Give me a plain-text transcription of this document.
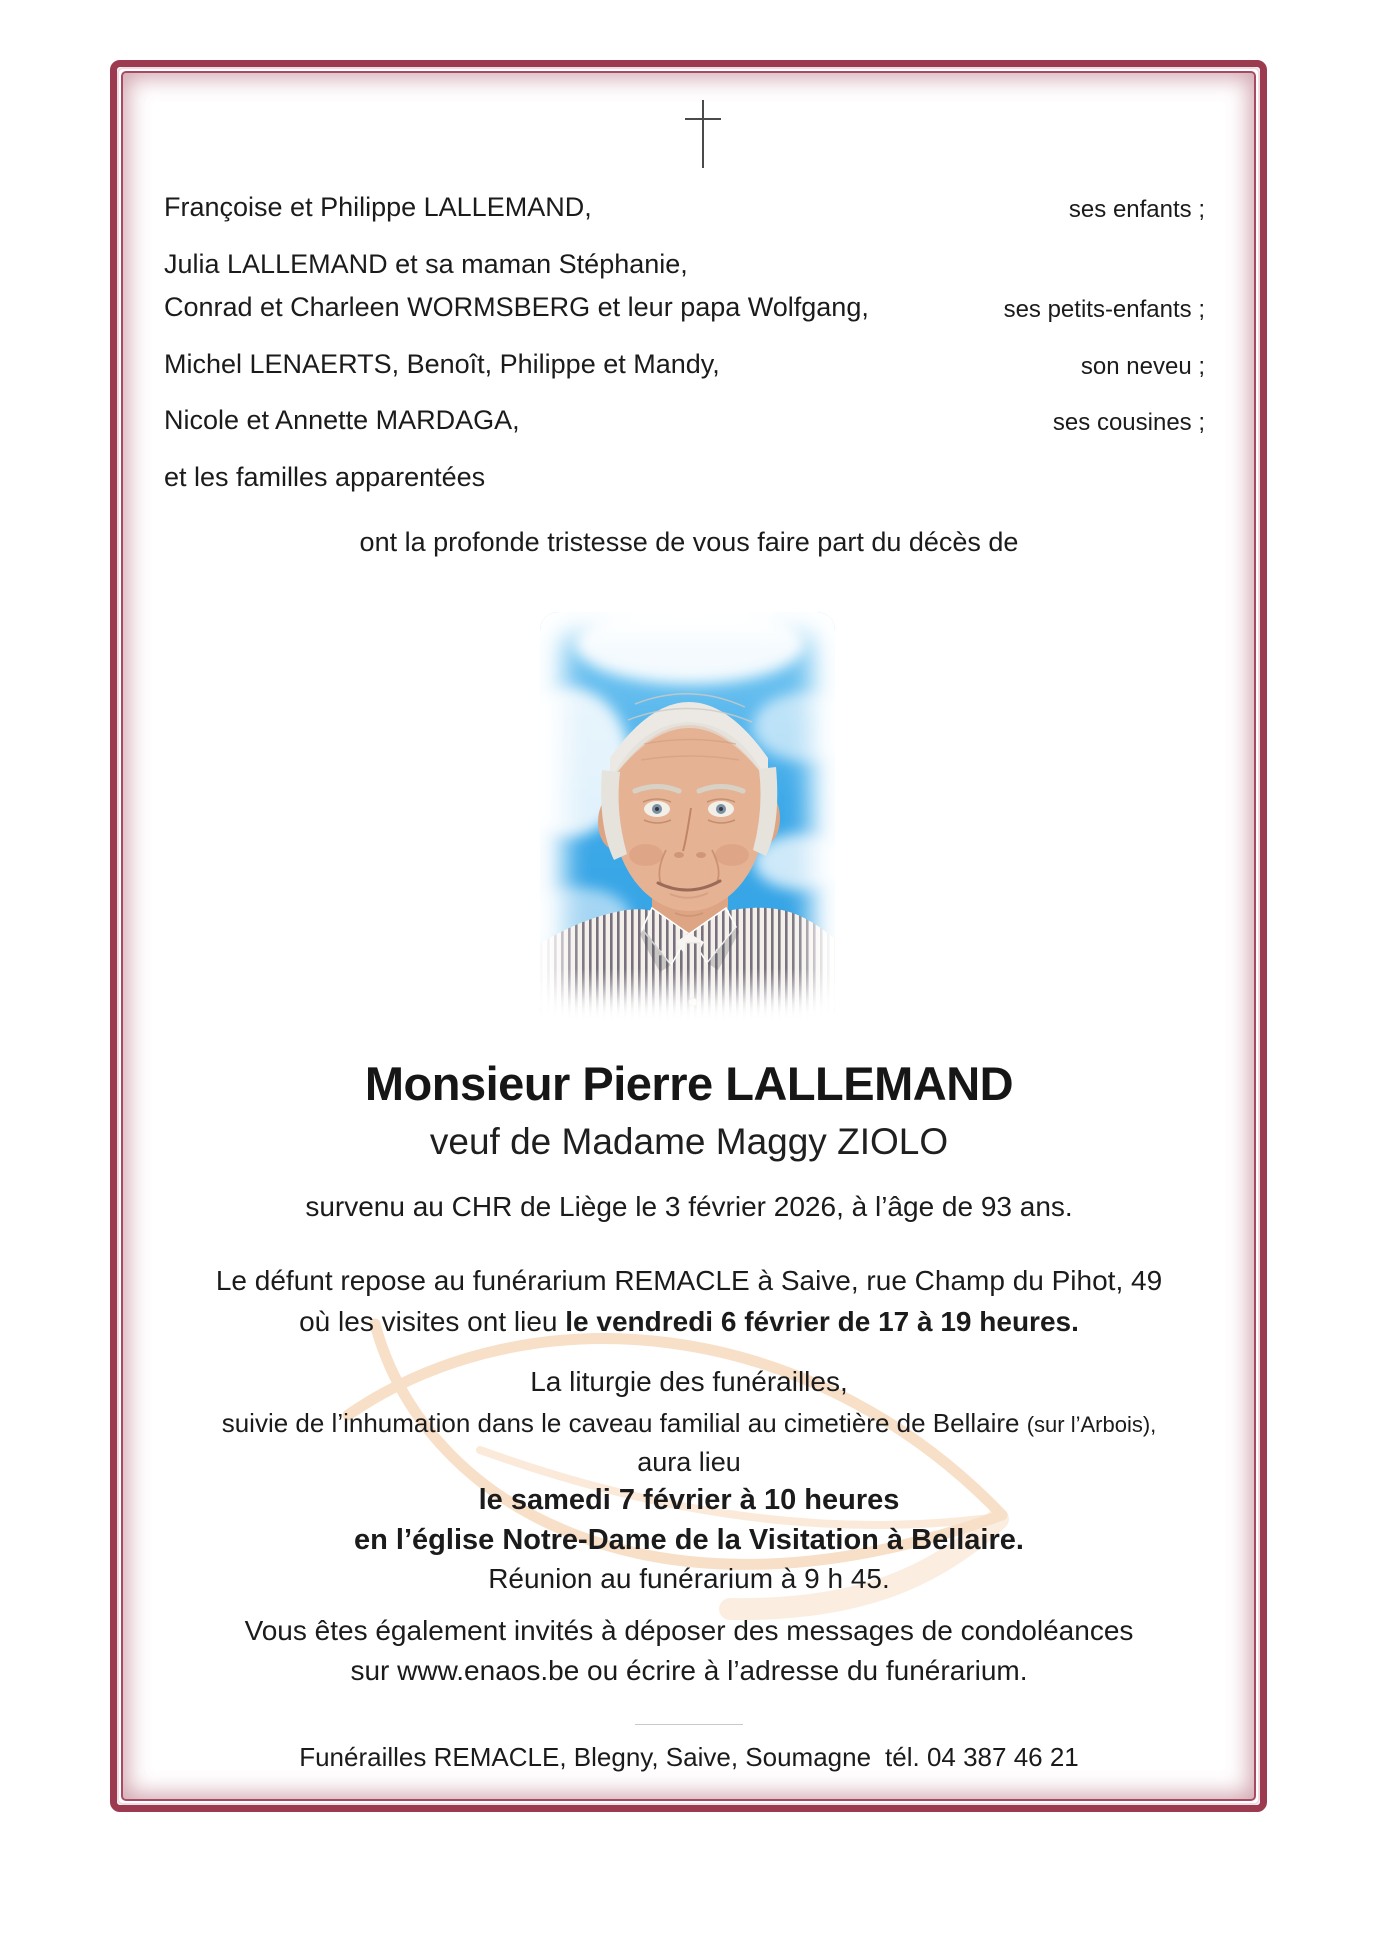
Françoise et Philippe LALLEMAND,	ses enfants ;
Julia LALLEMAND et sa maman Stéphanie,
Conrad et Charleen WORMSBERG et leur papa Wolfgang,	ses petits-enfants ;
Michel LENAERTS, Benoît, Philippe et Mandy,	son neveu ;
Nicole et Annette MARDAGA,	ses cousines ;
et les familles apparentées
ont la profonde tristesse de vous faire part du décès de
Monsieur Pierre LALLEMAND
veuf de Madame Maggy ZIOLO
survenu au CHR de Liège le 3 février 2026, à l’âge de 93 ans.
Le défunt repose au funérarium REMACLE à Saive, rue Champ du Pihot, 49
où les visites ont lieu le vendredi 6 février de 17 à 19 heures.
La liturgie des funérailles,
suivie de l’inhumation dans le caveau familial au cimetière de Bellaire (sur l’Arbois),
aura lieu
le samedi 7 février à 10 heures
en l’église Notre-Dame de la Visitation à Bellaire.
Réunion au funérarium à 9 h 45.
Vous êtes également invités à déposer des messages de condoléances
sur www.enaos.be ou écrire à l’adresse du funérarium.
Funérailles REMACLE, Blegny, Saive, Soumagne tél. 04 387 46 21
